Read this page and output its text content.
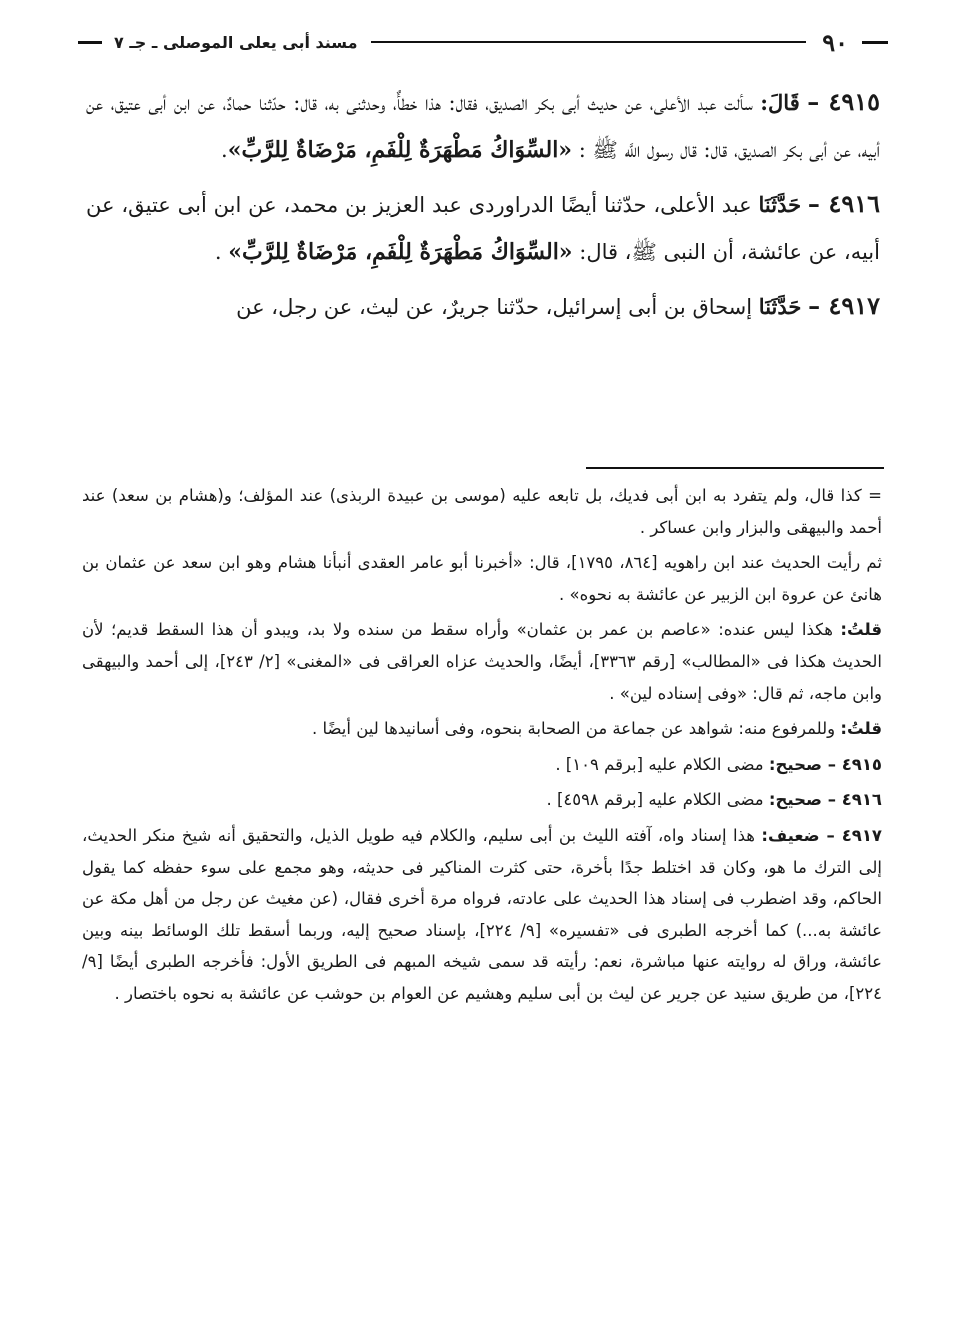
٩٠
مسند أبى يعلى الموصلى ـ جـ ٧

٤٩١٥ – قَالَ: سألت عبد الأعلى، عن حديث أبى بكر الصديق، فقال: هذا خطأٌ، وحدثنى به، قال: حدّثنا حمادٌ، عن ابن أبى عتيق، عن أبيه، عن أبى بكر الصديق، قال: قال رسول اللَّه ﷺ : «السِّوَاكُ مَطْهَرَةٌ لِلْفَمِ، مَرْضَاةٌ لِلرَّبِّ».

٤٩١٦ – حَدَّثَنَا عبد الأعلى، حدّثنا أيضًا الدراوردى عبد العزيز بن محمد، عن ابن أبى عتيق، عن أبيه، عن عائشة، أن النبى ﷺ، قال: «السِّوَاكُ مَطْهَرَةٌ لِلْفَمِ، مَرْضَاةٌ لِلرَّبِّ» .

٤٩١٧ – حَدَّثَنَا إسحاق بن أبى إسرائيل، حدّثنا جريرٌ، عن ليث، عن رجل، عن

= كذا قال، ولم يتفرد به ابن أبى فديك، بل تابعه عليه (موسى بن عبيدة الربذى) عند المؤلف؛ و(هشام بن سعد) عند أحمد والبيهقى والبزار وابن عساكر .

ثم رأيت الحديث عند ابن راهويه [٨٦٤، ١٧٩٥]، قال: «أخبرنا أبو عامر العقدى أنبأنا هشام وهو ابن سعد عن عثمان بن هانئ عن عروة ابن الزبير عن عائشة به نحوه» .

قلتُ: هكذا ليس عنده: «عاصم بن عمر بن عثمان» وأراه سقط من سنده ولا بد، ويبدو أن هذا السقط قديم؛ لأن الحديث هكذا فى «المطالب» [رقم ٣٣٦٣]، أيضًا، والحديث عزاه العراقى فى «المغنى» [٢/ ٢٤٣]، إلى أحمد والبيهقى وابن ماجه، ثم قال: «وفى إسناده لين» .

قلتُ: وللمرفوع منه: شواهد عن جماعة من الصحابة بنحوه، وفى أسانيدها لين أيضًا .

٤٩١٥ – صحيح: مضى الكلام عليه [برقم ١٠٩] .

٤٩١٦ – صحيح: مضى الكلام عليه [برقم ٤٥٩٨] .

٤٩١٧ – ضعيف: هذا إسناد واه، آفته الليث بن أبى سليم، والكلام فيه طويل الذيل، والتحقيق أنه شيخ منكر الحديث، إلى الترك ما هو، وكان قد اختلط جدًا بأخرة، حتى كثرت المناكير فى حديثه، وهو مجمع على سوء حفظه كما يقول الحاكم، وقد اضطرب فى إسناد هذا الحديث على عادته، فرواه مرة أخرى فقال، (عن مغيث عن رجل من أهل مكة عن عائشة به...) كما أخرجه الطبرى فى «تفسيره» [٩/ ٢٢٤]، بإسناد صحيح إليه، وربما أسقط تلك الوسائط بينه وبين عائشة، وراق له روايته عنها مباشرة، نعم: رأيته قد سمى شيخه المبهم فى الطريق الأول: فأخرجه الطبرى أيضًا [٩/ ٢٢٤]، من طريق سنيد عن جرير عن ليث بن أبى سليم وهشيم عن العوام بن حوشب عن عائشة به نحوه باختصار .
